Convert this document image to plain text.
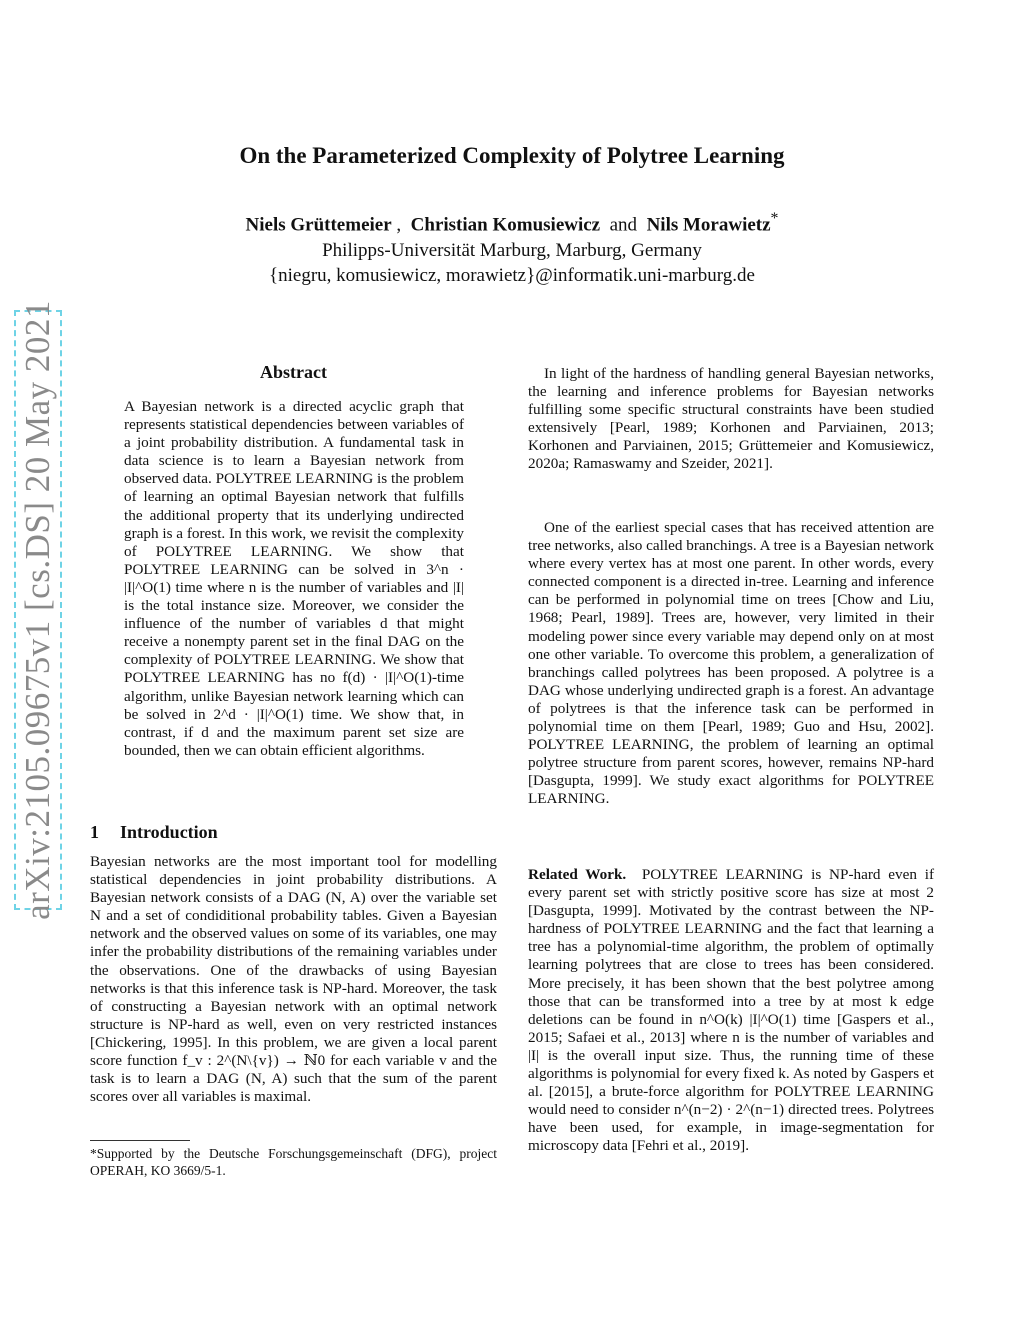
arXiv:2105.09675v1 [cs.DS] 20 May 2021
On the Parameterized Complexity of Polytree Learning
Niels Grüttemeier ,  Christian Komusiewicz and Nils Morawietz*
Philipps-Universität Marburg, Marburg, Germany
{niegru, komusiewicz, morawietz}@informatik.uni-marburg.de
Abstract

A Bayesian network is a directed acyclic graph that represents statistical dependencies between variables of a joint probability distribution. A fundamental task in data science is to learn a Bayesian network from observed data. POLYTREE LEARNING is the problem of learning an optimal Bayesian network that fulfills the additional property that its underlying undirected graph is a forest. In this work, we revisit the complexity of POLYTREE LEARNING. We show that POLYTREE LEARNING can be solved in 3^n · |I|^O(1) time where n is the number of variables and |I| is the total instance size. Moreover, we consider the influence of the number of variables d that might receive a nonempty parent set in the final DAG on the complexity of POLYTREE LEARNING. We show that POLYTREE LEARNING has no f(d) · |I|^O(1)-time algorithm, unlike Bayesian network learning which can be solved in 2^d · |I|^O(1) time. We show that, in contrast, if d and the maximum parent set size are bounded, then we can obtain efficient algorithms.

1 Introduction

Bayesian networks are the most important tool for modelling statistical dependencies in joint probability distributions. A Bayesian network consists of a DAG (N, A) over the variable set N and a set of condiditional probability tables. Given a Bayesian network and the observed values on some of its variables, one may infer the probability distributions of the remaining variables under the observations. One of the drawbacks of using Bayesian networks is that this inference task is NP-hard. Moreover, the task of constructing a Bayesian network with an optimal network structure is NP-hard as well, even on very restricted instances [Chickering, 1995]. In this problem, we are given a local parent score function f_v : 2^(N\{v}) → ℕ0 for each variable v and the task is to learn a DAG (N, A) such that the sum of the parent scores over all variables is maximal.

*Supported by the Deutsche Forschungsgemeinschaft (DFG), project OPERAH, KO 3669/5-1.

In light of the hardness of handling general Bayesian networks, the learning and inference problems for Bayesian networks fulfilling some specific structural constraints have been studied extensively [Pearl, 1989; Korhonen and Parviainen, 2013; Korhonen and Parviainen, 2015; Grüttemeier and Komusiewicz, 2020a; Ramaswamy and Szeider, 2021].

One of the earliest special cases that has received attention are tree networks, also called branchings. A tree is a Bayesian network where every vertex has at most one parent. In other words, every connected component is a directed in-tree. Learning and inference can be performed in polynomial time on trees [Chow and Liu, 1968; Pearl, 1989]. Trees are, however, very limited in their modeling power since every variable may depend only on at most one other variable. To overcome this problem, a generalization of branchings called polytrees has been proposed. A polytree is a DAG whose underlying undirected graph is a forest. An advantage of polytrees is that the inference task can be performed in polynomial time on them [Pearl, 1989; Guo and Hsu, 2002]. POLYTREE LEARNING, the problem of learning an optimal polytree structure from parent scores, however, remains NP-hard [Dasgupta, 1999]. We study exact algorithms for POLYTREE LEARNING.

Related Work. POLYTREE LEARNING is NP-hard even if every parent set with strictly positive score has size at most 2 [Dasgupta, 1999]. Motivated by the contrast between the NP-hardness of POLYTREE LEARNING and the fact that learning a tree has a polynomial-time algorithm, the problem of optimally learning polytrees that are close to trees has been considered. More precisely, it has been shown that the best polytree among those that can be transformed into a tree by at most k edge deletions can be found in n^O(k) |I|^O(1) time [Gaspers et al., 2015; Safaei et al., 2013] where n is the number of variables and |I| is the overall input size. Thus, the running time of these algorithms is polynomial for every fixed k. As noted by Gaspers et al. [2015], a brute-force algorithm for POLYTREE LEARNING would need to consider n^(n−2) · 2^(n−1) directed trees. Polytrees have been used, for example, in image-segmentation for microscopy data [Fehri et al., 2019].
